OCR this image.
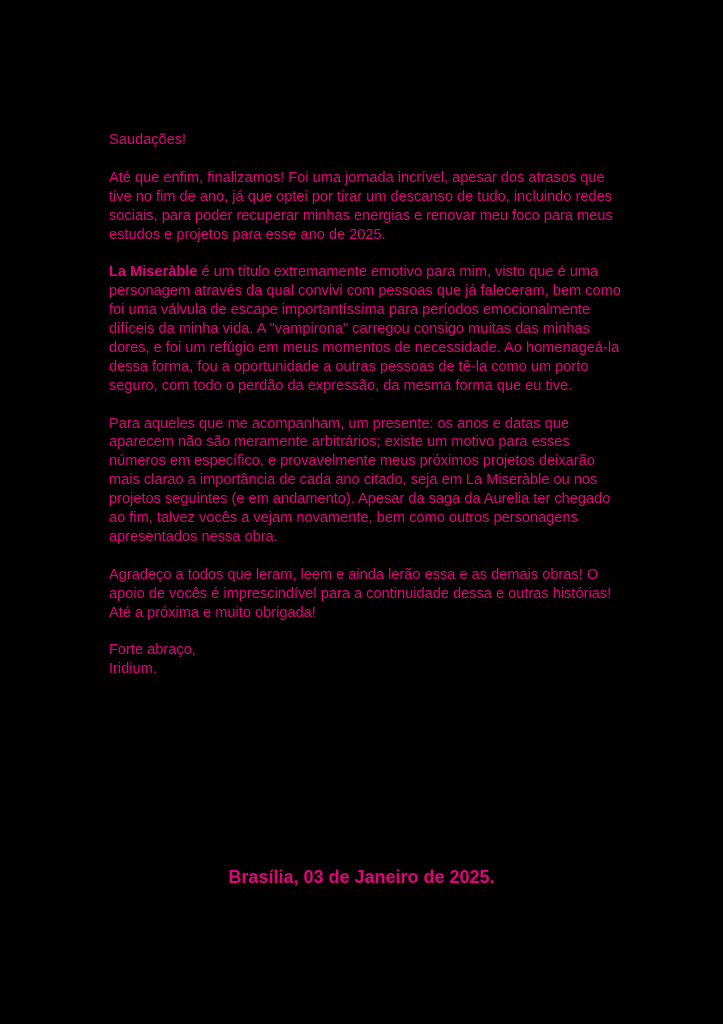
Saudações!

Até que enfim, finalizamos! Foi uma jornada incrível, apesar dos atrasos que tive no fim de ano, já que optei por tirar um descanso de tudo, incluindo redes sociais, para poder recuperar minhas energias e renovar meu foco para meus estudos e projetos para esse ano de 2025.

La Miseràble é um título extremamente emotivo para mim, visto que é uma personagem através da qual convivi com pessoas que já faleceram, bem como foi uma válvula de escape importantíssima para períodos emocionalmente difíceis da minha vida. A "vampirona" carregou consigo muitas das minhas dores, e foi um refúgio em meus momentos de necessidade. Ao homenageá-la dessa forma, fou a oportunidade a outras pessoas de tê-la como um porto seguro, com todo o perdão da expressão, da mesma forma que eu tive.

Para aqueles que me acompanham, um presente: os anos e datas que aparecem não são meramente arbitrários; existe um motivo para esses números em específico, e provavelmente meus próximos projetos deixarão mais clarao a importância de cada ano citado, seja em La Miseràble ou nos projetos seguintes (e em andamento). Apesar da saga da Aurelia ter chegado ao fim, talvez vocês a vejam novamente, bem como outros personagens apresentados nessa obra.

Agradeço a todos que leram, leem e ainda lerão essa e as demais obras! O apoio de vocês é imprescindível para a continuidade dessa e outras histórias! Até a próxima e muito obrigada!

Forte abraço,

Iridium.

Brasília, 03 de Janeiro de 2025.
